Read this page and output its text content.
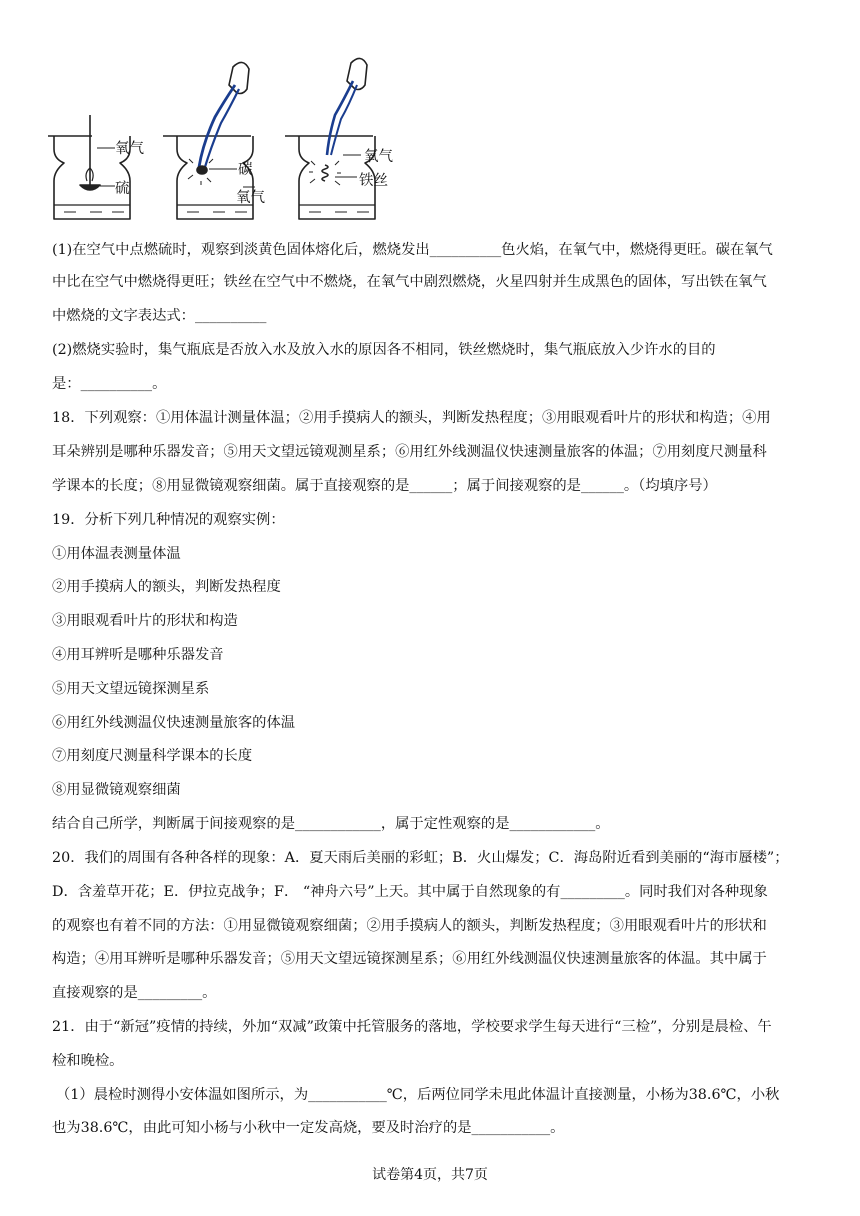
氧气
硫
碳
氧气
氧气
铁丝
(1)在空气中点燃硫时，观察到淡黄色固体熔化后，燃烧发出__________色火焰，在氧气中，燃烧得更旺。碳在氧气
中比在空气中燃烧得更旺；铁丝在空气中不燃烧，在氧气中剧烈燃烧，火星四射并生成黑色的固体，写出铁在氧气
中燃烧的文字表达式：__________
(2)燃烧实验时，集气瓶底是否放入水及放入水的原因各不相同，铁丝燃烧时，集气瓶底放入少许水的目的
是：__________。
18．下列观察：①用体温计测量体温；②用手摸病人的额头，判断发热程度；③用眼观看叶片的形状和构造；④用
耳朵辨别是哪种乐器发音；⑤用天文望远镜观测星系；⑥用红外线测温仪快速测量旅客的体温；⑦用刻度尺测量科
学课本的长度；⑧用显微镜观察细菌。属于直接观察的是______；属于间接观察的是______。（均填序号）
19．分析下列几种情况的观察实例：
①用体温表测量体温
②用手摸病人的额头，判断发热程度
③用眼观看叶片的形状和构造
④用耳辨听是哪种乐器发音
⑤用天文望远镜探测星系
⑥用红外线测温仪快速测量旅客的体温
⑦用刻度尺测量科学课本的长度
⑧用显微镜观察细菌
结合自己所学，判断属于间接观察的是____________，属于定性观察的是____________。
20．我们的周围有各种各样的现象：A．夏天雨后美丽的彩虹；B．火山爆发；C．海岛附近看到美丽的“海市蜃楼”；
D．含羞草开花；E．伊拉克战争；F． “神舟六号”上天。其中属于自然现象的有_________。同时我们对各种现象
的观察也有着不同的方法：①用显微镜观察细菌；②用手摸病人的额头，判断发热程度；③用眼观看叶片的形状和
构造；④用耳辨听是哪种乐器发音；⑤用天文望远镜探测星系；⑥用红外线测温仪快速测量旅客的体温。其中属于
直接观察的是_________。
21．由于“新冠”疫情的持续，外加“双减”政策中托管服务的落地，学校要求学生每天进行“三检”，分别是晨检、午
检和晚检。
（1）晨检时测得小安体温如图所示，为___________℃，后两位同学未甩此体温计直接测量，小杨为38.6℃，小秋
也为38.6℃，由此可知小杨与小秋中一定发高烧，要及时治疗的是___________。
试卷第4页，共7页
